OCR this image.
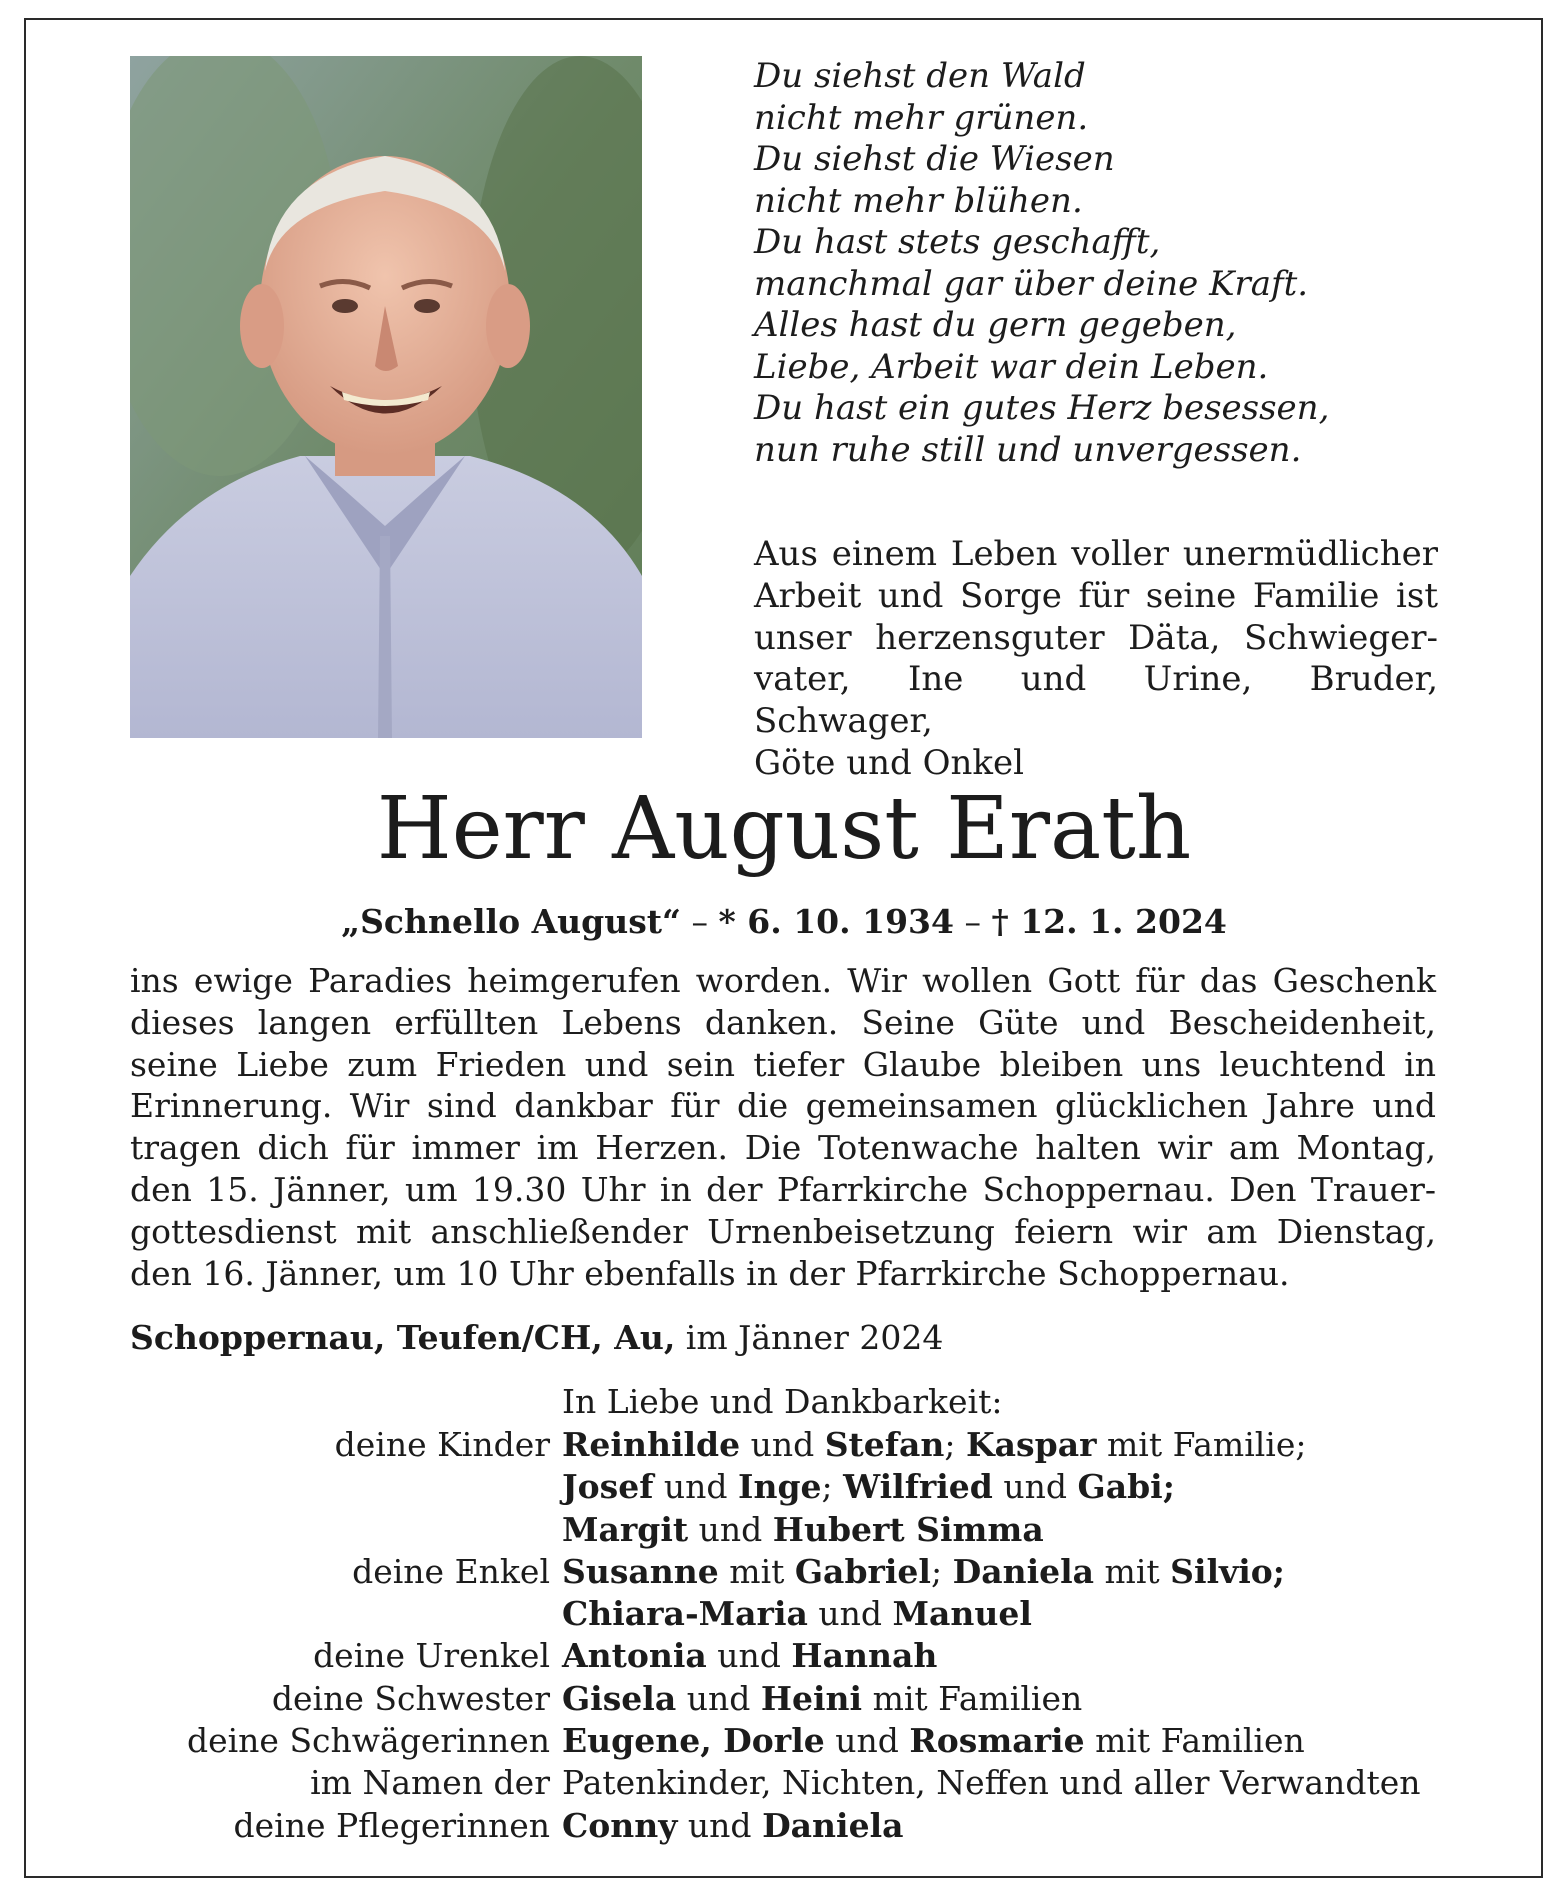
Du siehst den Wald
nicht mehr grünen.
Du siehst die Wiesen
nicht mehr blühen.
Du hast stets geschafft,
manchmal gar über deine Kraft.
Alles hast du gern gegeben,
Liebe, Arbeit war dein Leben.
Du hast ein gutes Herz besessen,
nun ruhe still und unvergessen.
Aus einem Leben voller unermüdlicher
Arbeit und Sorge für seine Familie ist
unser herzensguter Däta, Schwieger-
vater, Ine und Urine, Bruder, Schwager,
Göte und Onkel
Herr August Erath
„Schnello August“ – * 6. 10. 1934 – † 12. 1. 2024
ins ewige Paradies heimgerufen worden. Wir wollen Gott für das Geschenk
dieses langen erfüllten Lebens danken. Seine Güte und Bescheidenheit,
seine Liebe zum Frieden und sein tiefer Glaube bleiben uns leuchtend in
Erinnerung. Wir sind dankbar für die gemeinsamen glücklichen Jahre und
tragen dich für immer im Herzen. Die Totenwache halten wir am Montag,
den 15. Jänner, um 19.30 Uhr in der Pfarrkirche Schoppernau. Den Trauer-
gottesdienst mit anschließender Urnenbeisetzung feiern wir am Dienstag,
den 16. Jänner, um 10 Uhr ebenfalls in der Pfarrkirche Schoppernau.
Schoppernau, Teufen/CH, Au, im Jänner 2024
In Liebe und Dankbarkeit:
deine Kinder Reinhilde und Stefan; Kaspar mit Familie;
Josef und Inge; Wilfried und Gabi;
Margit und Hubert Simma
deine Enkel Susanne mit Gabriel; Daniela mit Silvio;
Chiara-Maria und Manuel
deine Urenkel Antonia und Hannah
deine Schwester Gisela und Heini mit Familien
deine Schwägerinnen Eugene, Dorle und Rosmarie mit Familien
im Namen der Patenkinder, Nichten, Neffen und aller Verwandten
deine Pflegerinnen Conny und Daniela
